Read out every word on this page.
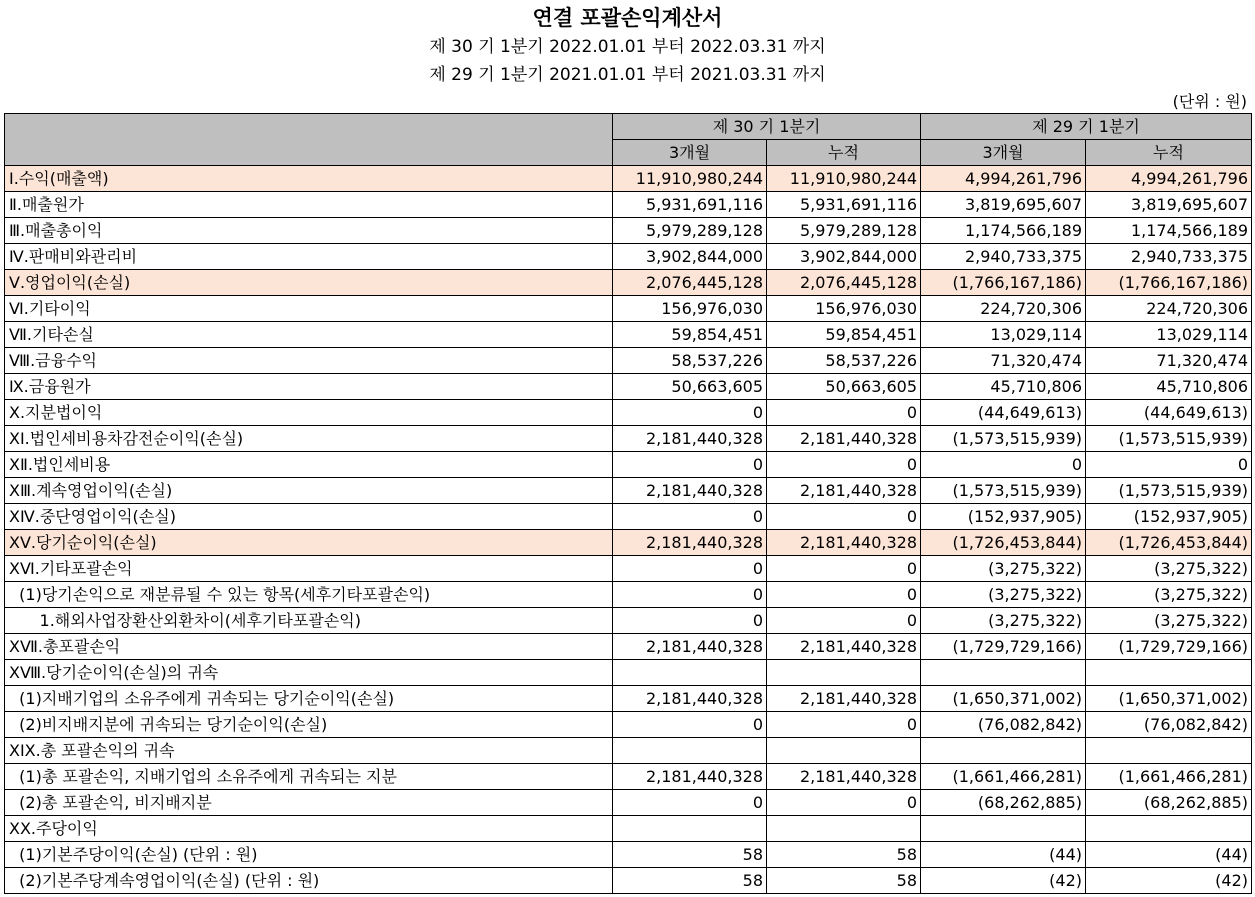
연결 포괄손익계산서
제 30 기 1분기 2022.01.01 부터 2022.03.31 까지
제 29 기 1분기 2021.01.01 부터 2021.03.31 까지
(단위 : 원)
	제 30 기 1분기		제 29 기 1분기	
	3개월	누적	3개월	누적
Ⅰ.수익(매출액)	11,910,980,244	11,910,980,244	4,994,261,796	4,994,261,796
Ⅱ.매출원가	5,931,691,116	5,931,691,116	3,819,695,607	3,819,695,607
Ⅲ.매출총이익	5,979,289,128	5,979,289,128	1,174,566,189	1,174,566,189
Ⅳ.판매비와관리비	3,902,844,000	3,902,844,000	2,940,733,375	2,940,733,375
Ⅴ.영업이익(손실)	2,076,445,128	2,076,445,128	(1,766,167,186)	(1,766,167,186)
Ⅵ.기타이익	156,976,030	156,976,030	224,720,306	224,720,306
Ⅶ.기타손실	59,854,451	59,854,451	13,029,114	13,029,114
Ⅷ.금융수익	58,537,226	58,537,226	71,320,474	71,320,474
Ⅸ.금융원가	50,663,605	50,663,605	45,710,806	45,710,806
Ⅹ.지분법이익	0	0	(44,649,613)	(44,649,613)
XI.법인세비용차감전순이익(손실)	2,181,440,328	2,181,440,328	(1,573,515,939)	(1,573,515,939)
XⅡ.법인세비용	0	0	0	0
XⅢ.계속영업이익(손실)	2,181,440,328	2,181,440,328	(1,573,515,939)	(1,573,515,939)
XⅣ.중단영업이익(손실)	0	0	(152,937,905)	(152,937,905)
XⅤ.당기순이익(손실)	2,181,440,328	2,181,440,328	(1,726,453,844)	(1,726,453,844)
XⅥ.기타포괄손익	0	0	(3,275,322)	(3,275,322)
(1)당기손익으로 재분류될 수 있는 항목(세후기타포괄손익)	0	0	(3,275,322)	(3,275,322)
1.해외사업장환산외환차이(세후기타포괄손익)	0	0	(3,275,322)	(3,275,322)
XⅦ.총포괄손익	2,181,440,328	2,181,440,328	(1,729,729,166)	(1,729,729,166)
XⅧ.당기순이익(손실)의 귀속				
(1)지배기업의 소유주에게 귀속되는 당기순이익(손실)	2,181,440,328	2,181,440,328	(1,650,371,002)	(1,650,371,002)
(2)비지배지분에 귀속되는 당기순이익(손실)	0	0	(76,082,842)	(76,082,842)
XIX.총 포괄손익의 귀속				
(1)총 포괄손익, 지배기업의 소유주에게 귀속되는 지분	2,181,440,328	2,181,440,328	(1,661,466,281)	(1,661,466,281)
(2)총 포괄손익, 비지배지분	0	0	(68,262,885)	(68,262,885)
XX.주당이익				
(1)기본주당이익(손실) (단위 : 원)	58	58	(44)	(44)
(2)기본주당계속영업이익(손실) (단위 : 원)	58	58	(42)	(42)
